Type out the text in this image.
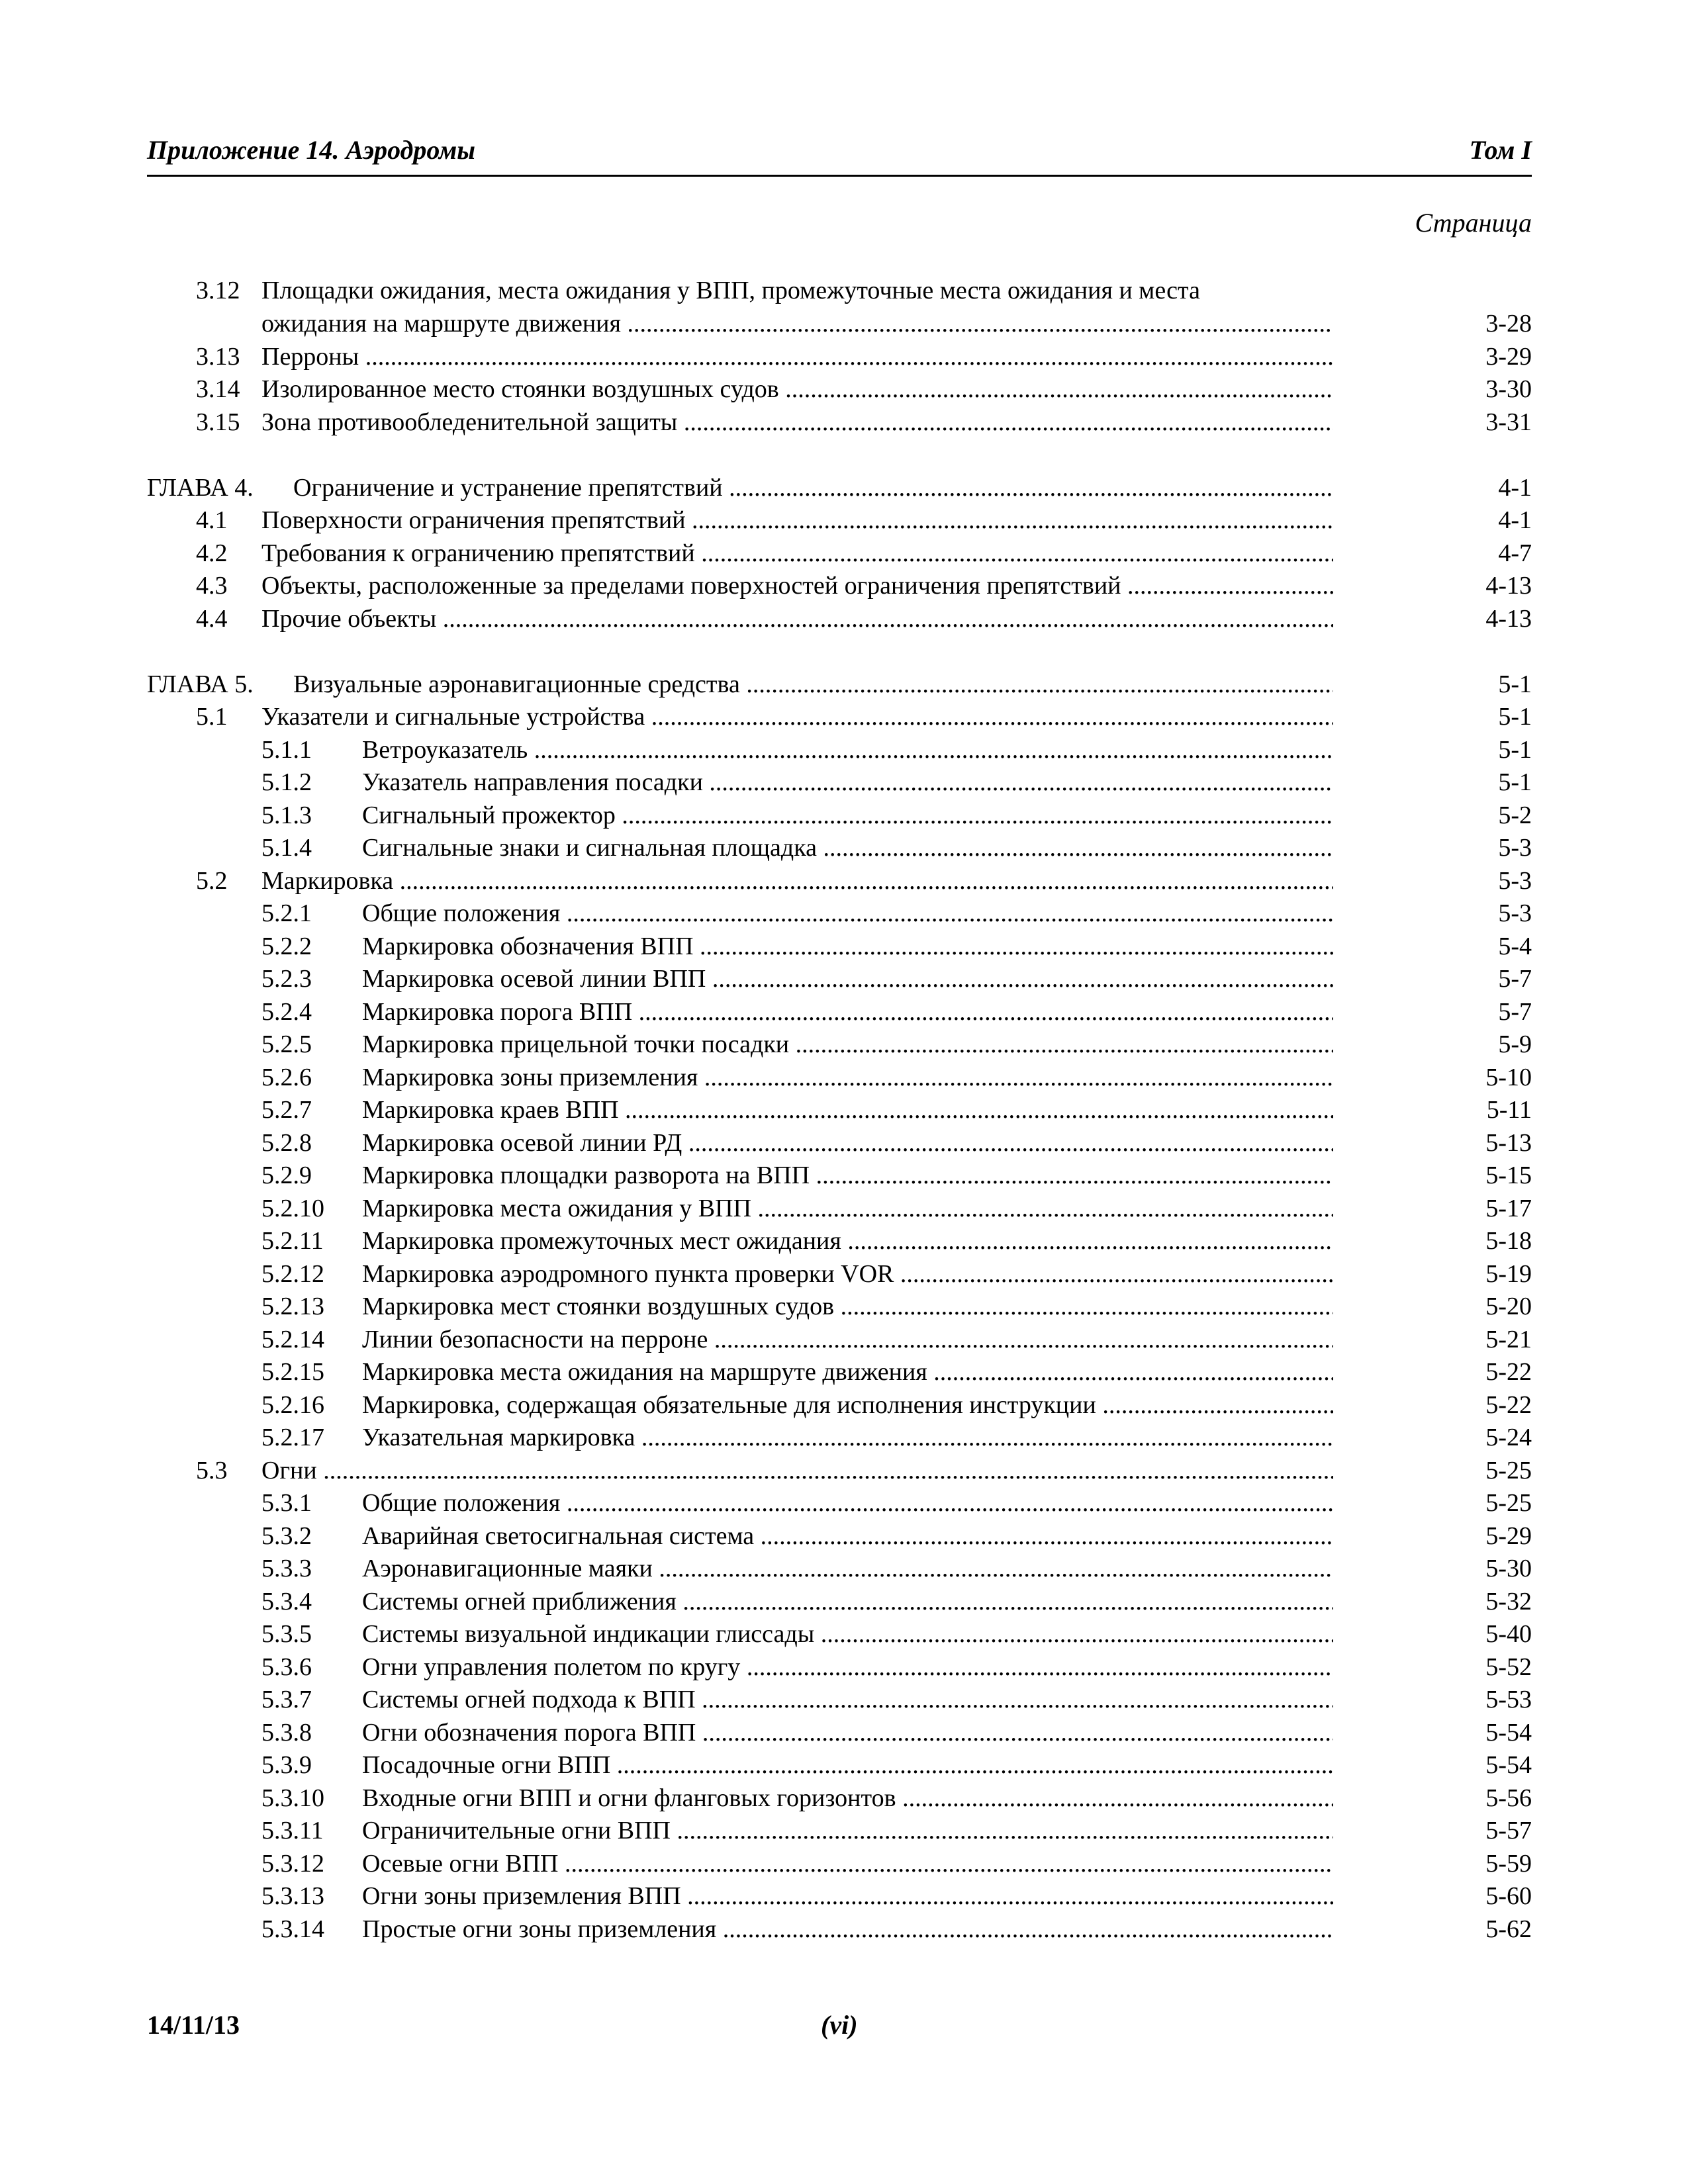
Приложение 14. Аэродромы	Том I
Страница
3.12 Площадки ожидания, места ожидания у ВПП, промежуточные места ожидания и места
ожидания на маршруте движения .....	3-28
3.13 Перроны .....	3-29
3.14 Изолированное место стоянки воздушных судов .....	3-30
3.15 Зона противообледенительной защиты .....	3-31
ГЛАВА 4. Ограничение и устранение препятствий .....	4-1
4.1 Поверхности ограничения препятствий .....	4-1
4.2 Требования к ограничению препятствий .....	4-7
4.3 Объекты, расположенные за пределами поверхностей ограничения препятствий .....	4-13
4.4 Прочие объекты .....	4-13
ГЛАВА 5. Визуальные аэронавигационные средства .....	5-1
5.1 Указатели и сигнальные устройства .....	5-1
5.1.1 Ветроуказатель .....	5-1
5.1.2 Указатель направления посадки .....	5-1
5.1.3 Сигнальный прожектор .....	5-2
5.1.4 Сигнальные знаки и сигнальная площадка .....	5-3
5.2 Маркировка .....	5-3
5.2.1 Общие положения .....	5-3
5.2.2 Маркировка обозначения ВПП .....	5-4
5.2.3 Маркировка осевой линии ВПП .....	5-7
5.2.4 Маркировка порога ВПП .....	5-7
5.2.5 Маркировка прицельной точки посадки .....	5-9
5.2.6 Маркировка зоны приземления .....	5-10
5.2.7 Маркировка краев ВПП .....	5-11
5.2.8 Маркировка осевой линии РД .....	5-13
5.2.9 Маркировка площадки разворота на ВПП .....	5-15
5.2.10 Маркировка места ожидания у ВПП .....	5-17
5.2.11 Маркировка промежуточных мест ожидания .....	5-18
5.2.12 Маркировка аэродромного пункта проверки VOR .....	5-19
5.2.13 Маркировка мест стоянки воздушных судов .....	5-20
5.2.14 Линии безопасности на перроне .....	5-21
5.2.15 Маркировка места ожидания на маршруте движения .....	5-22
5.2.16 Маркировка, содержащая обязательные для исполнения инструкции .....	5-22
5.2.17 Указательная маркировка .....	5-24
5.3 Огни .....	5-25
5.3.1 Общие положения .....	5-25
5.3.2 Аварийная светосигнальная система .....	5-29
5.3.3 Аэронавигационные маяки .....	5-30
5.3.4 Системы огней приближения .....	5-32
5.3.5 Системы визуальной индикации глиссады .....	5-40
5.3.6 Огни управления полетом по кругу .....	5-52
5.3.7 Системы огней подхода к ВПП .....	5-53
5.3.8 Огни обозначения порога ВПП .....	5-54
5.3.9 Посадочные огни ВПП .....	5-54
5.3.10 Входные огни ВПП и огни фланговых горизонтов .....	5-56
5.3.11 Ограничительные огни ВПП .....	5-57
5.3.12 Осевые огни ВПП .....	5-59
5.3.13 Огни зоны приземления ВПП .....	5-60
5.3.14 Простые огни зоны приземления .....	5-62
14/11/13	(vi)
